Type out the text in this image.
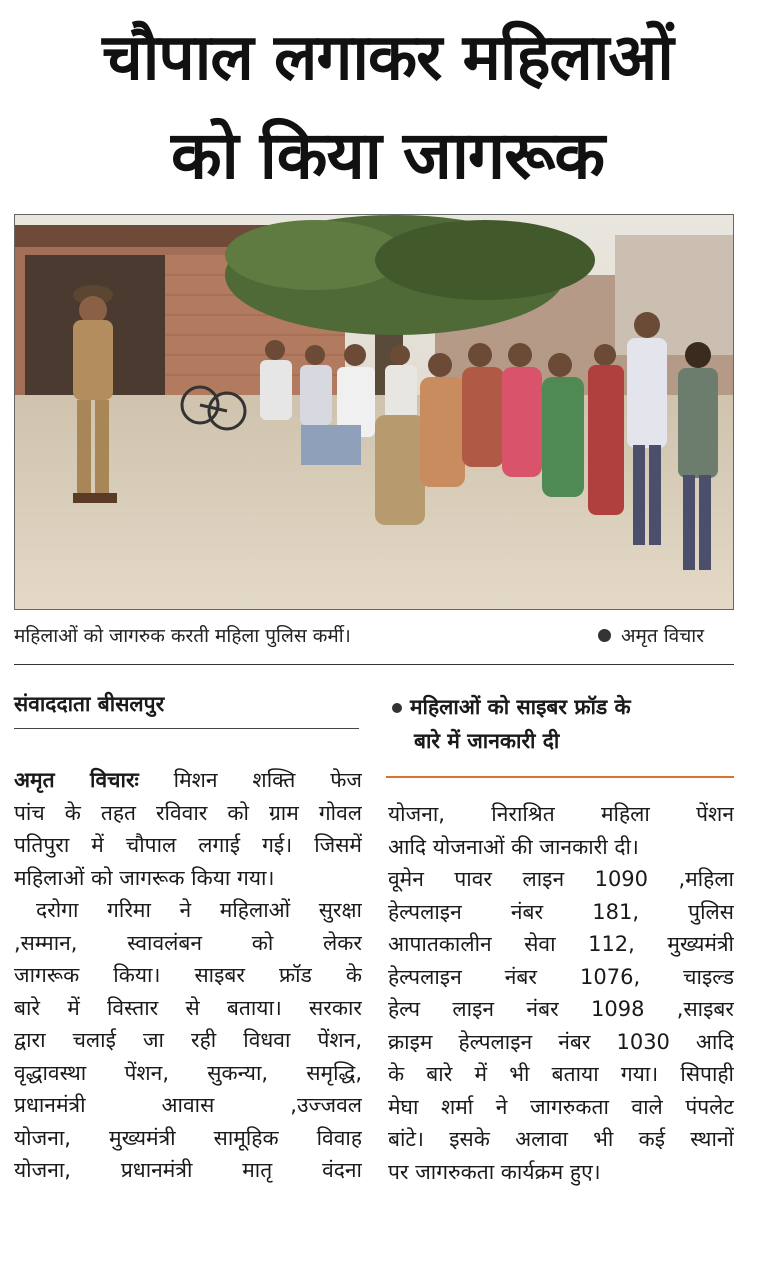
चौपाल लगाकर महिलाओं
को किया जागरूक
महिलाओं को जागरुक करती महिला पुलिस कर्मी।	अमृत विचार
संवाददाता बीसलपुर	महिलाओं को साइबर फ्रॉड के
बारे में जानकारी दी
अमृत विचारः मिशन शक्ति फेज
पांच के तहत रविवार को ग्राम गोवल
पतिपुरा में चौपाल लगाई गई। जिसमें
महिलाओं को जागरूक किया गया।
दरोगा गरिमा ने महिलाओं सुरक्षा
,सम्मान, स्वावलंबन को लेकर
जागरूक किया। साइबर फ्रॉड के
बारे में विस्तार से बताया। सरकार
द्वारा चलाई जा रही विधवा पेंशन,
वृद्धावस्था पेंशन, सुकन्या, समृद्धि,
प्रधानमंत्री आवास ,उज्जवल
योजना, मुख्यमंत्री सामूहिक विवाह
योजना, प्रधानमंत्री मातृ वंदना
योजना, निराश्रित महिला पेंशन
आदि योजनाओं की जानकारी दी।
वूमेन पावर लाइन 1090 ,महिला
हेल्पलाइन नंबर 181, पुलिस
आपातकालीन सेवा 112, मुख्यमंत्री
हेल्पलाइन नंबर 1076, चाइल्ड
हेल्प लाइन नंबर 1098 ,साइबर
क्राइम हेल्पलाइन नंबर 1030 आदि
के बारे में भी बताया गया। सिपाही
मेघा शर्मा ने जागरुकता वाले पंपलेट
बांटे। इसके अलावा भी कई स्थानों
पर जागरुकता कार्यक्रम हुए।
